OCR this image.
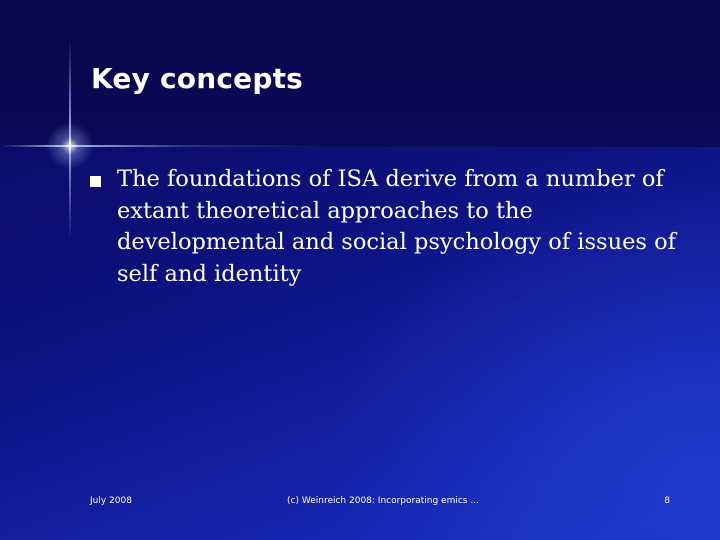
Key concepts
The foundations of ISA derive from a number of extant theoretical approaches to the developmental and social psychology of issues of self and identity
July 2008	(c) Weinreich 2008: Incorporating emics ...	8
